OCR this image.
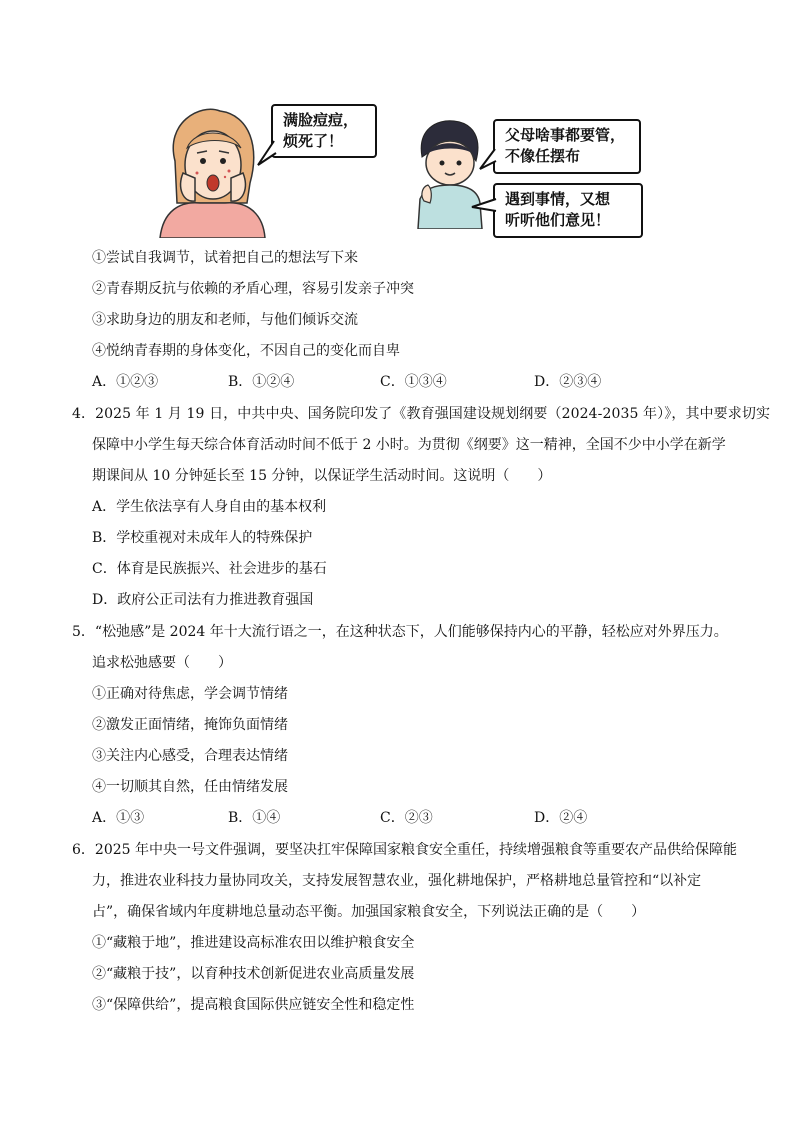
满脸痘痘，
烦死了！	父母啥事都要管，
不像任摆布
遇到事情，又想
听听他们意见！
①尝试自我调节，试着把自己的想法写下来
②青春期反抗与依赖的矛盾心理，容易引发亲子冲突
③求助身边的朋友和老师，与他们倾诉交流
④悦纳青春期的身体变化，不因自己的变化而自卑
A．①②③	B．①②④	C．①③④	D．②③④
4．2025 年 1 月 19 日，中共中央、国务院印发了《教育强国建设规划纲要（2024-2035 年）》，其中要求切实
保障中小学生每天综合体育活动时间不低于 2 小时。为贯彻《纲要》这一精神，全国不少中小学在新学
期课间从 10 分钟延长至 15 分钟，以保证学生活动时间。这说明（　　）
A．学生依法享有人身自由的基本权利
B．学校重视对未成年人的特殊保护
C．体育是民族振兴、社会进步的基石
D．政府公正司法有力推进教育强国
5．“松弛感”是 2024 年十大流行语之一，在这种状态下，人们能够保持内心的平静，轻松应对外界压力。
追求松弛感要（　　）
①正确对待焦虑，学会调节情绪
②激发正面情绪，掩饰负面情绪
③关注内心感受，合理表达情绪
④一切顺其自然，任由情绪发展
A．①③	B．①④	C．②③	D．②④
6．2025 年中央一号文件强调，要坚决扛牢保障国家粮食安全重任，持续增强粮食等重要农产品供给保障能
力，推进农业科技力量协同攻关，支持发展智慧农业，强化耕地保护，严格耕地总量管控和“以补定
占”，确保省域内年度耕地总量动态平衡。加强国家粮食安全，下列说法正确的是（　　）
①“藏粮于地”，推进建设高标准农田以维护粮食安全
②“藏粮于技”，以育种技术创新促进农业高质量发展
③“保障供给”，提高粮食国际供应链安全性和稳定性
